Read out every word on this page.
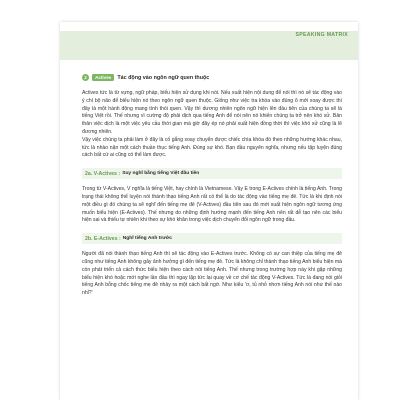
SPEAKING MATRIX
2	Actives	Tác động vào ngôn ngữ quen thuộc

Actives tức là từ vựng, ngữ pháp, biểu hiện sử dụng khi nói. Nếu xuất hiện nội dung để nói thì nó sẽ tác động vào ý chí bộ não để biểu hiện nó theo ngôn ngữ quen thuộc. Giống như việc tra khóa vào đúng ổ mới xoay được thì đây là một hành động mang tính thói quen. Vậy thì dương nhiên ngôn ngữ hiện lên đầu tiên của chúng ta sẽ là tiếng Việt rồi. Thế nhưng vì cường độ phải dịch qua tiếng Anh để nói nên nó khiến chúng ta trở nên khó xử. Bản thân việc dịch là một việc yêu cầu thời gian mà giờ đây ép nó phải xuất hiện đồng thời thì việc khó xử cũng là lẽ đương nhiên.

Vậy việc chúng ta phải làm ở đây là cố gắng xoay chuyển được chiếc chìa khóa đó theo những hướng khác nhau, tức là nhào nặn một cách thuần thục tiếng Anh. Đúng sự khó. Bạn đầu nguyên nghĩa, nhưng nếu tập luyện đúng cách bất cứ ai cũng có thể làm được.

2a. V-Actives : Suy nghĩ bằng tiếng Việt đầu tiên

Trong từ V-Actives, V nghĩa là tiếng Việt, hay chính là Vietnamese. Vậy E trong E-Actives chính là tiếng Anh. Trong trạng thái không thể luyện nói thành thạo tiếng Anh rất có thể là do tác động vào tiếng mẹ đẻ. Tức là khi định nói một điều gì đó chúng ta sẽ nghĩ đến tiếng mẹ đẻ (V-Actives) đầu tiên sau đó mới xuất hiện ngôn ngữ tương ứng muốn biểu hiện (E-Actives). Thế nhưng do những định hướng mạnh đến tiếng Anh nên rất dễ tạo nên các biểu hiện sai và thiếu tự nhiên khi theo sự khó khăn trong việc dịch chuyển đổi ngôn ngữ trong đầu.

2b. E-Actives : Nghĩ tiếng Anh trước

Người đã nói thành thạo tiếng Anh thì sẽ tác động vào E-Actives trước. Không có sự can thiệp của tiếng mẹ đẻ cũng như tiếng Anh không gây ảnh hưởng gì đến tiếng mẹ đẻ. Tức là không chỉ thành thạo tiếng Anh biểu hiện mà còn phát triển cả cách thức biểu hiện theo cách nói tiếng Anh. Thế nhưng trong trường hợp này khi gặp những biểu hiện khó hoặc mới nghe lần đầu thì ngay lập tức lại quay về cơ chế tác động V-Actives. Tức là đang nói giỏi tiếng Anh bỗng chốc tiếng mẹ đẻ nhảy ra một cách bất ngờ. Như kiểu 'ơ, tủ nhỏ nhơn tiếng Anh nói như thế nào nhỉ?'
